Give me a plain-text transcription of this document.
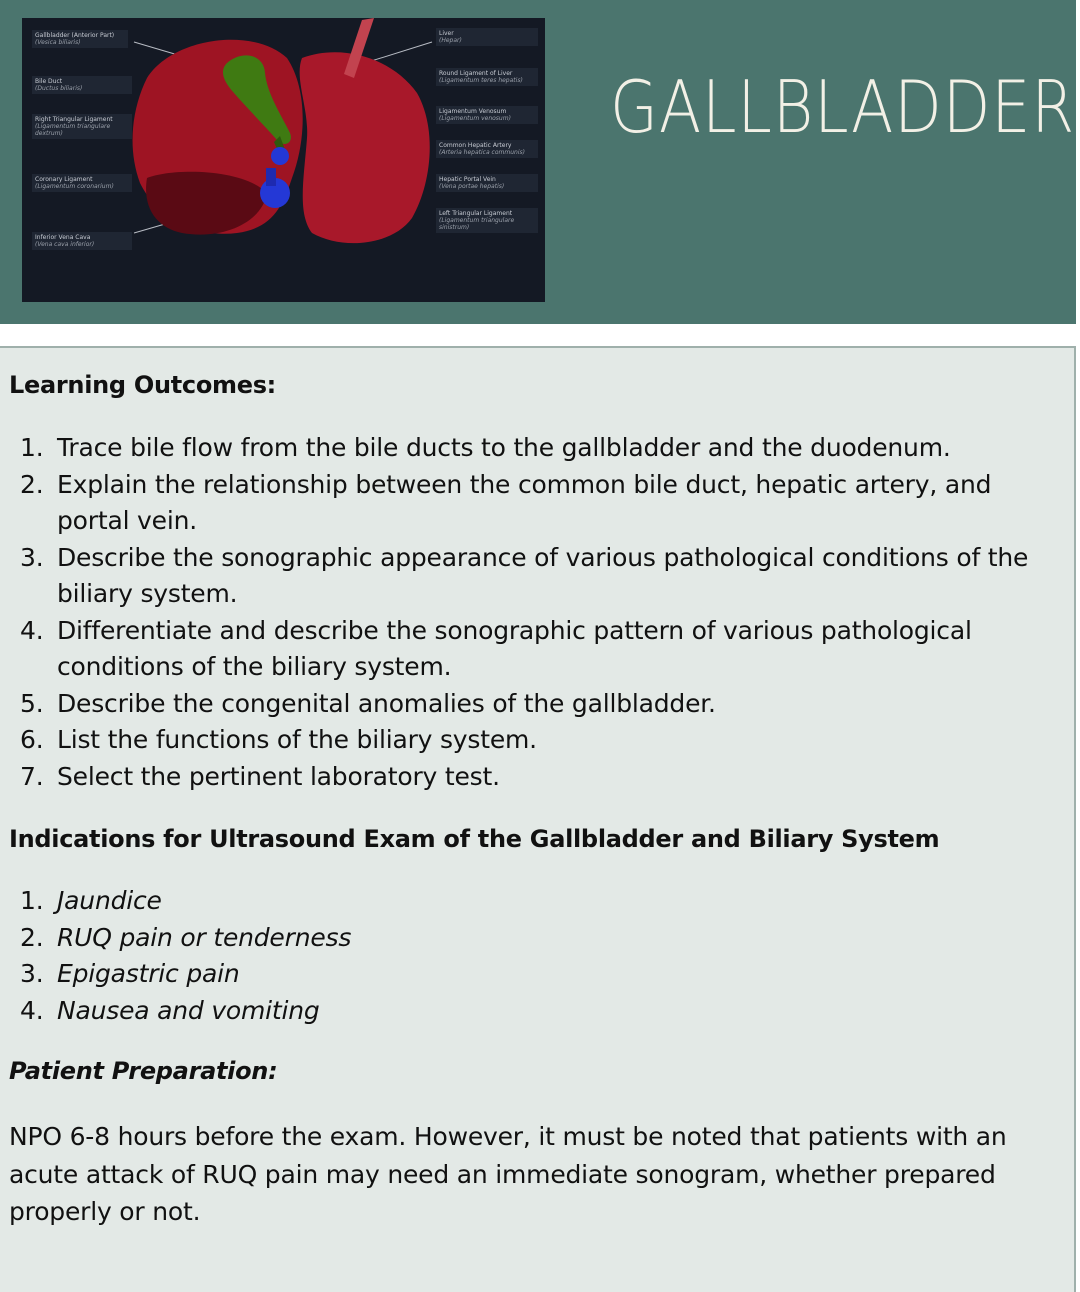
Gallbladder (Anterior Part)
(Vesica biliaris)
Bile Duct
(Ductus biliaris)
Right Triangular Ligament
(Ligamentum triangulare dextrum)
Coronary Ligament
(Ligamentum coronarium)
Inferior Vena Cava
(Vena cava inferior)
Liver
(Hepar)
Round Ligament of Liver
(Ligamentum teres hepatis)
Ligamentum Venosum
(Ligamentum venosum)
Common Hepatic Artery
(Arteria hepatica communis)
Hepatic Portal Vein
(Vena portae hepatis)
Left Triangular Ligament
(Ligamentum triangulare sinistrum)
GALLBLADDER
Learning Outcomes:
1. Trace bile flow from the bile ducts to the gallbladder and the duodenum.
2. Explain the relationship between the common bile duct, hepatic artery, and portal vein.
3. Describe the sonographic appearance of various pathological conditions of the biliary system.
4. Differentiate and describe the sonographic pattern of various pathological conditions of the biliary system.
5. Describe the congenital anomalies of the gallbladder.
6. List the functions of the biliary system.
7. Select the pertinent laboratory test.
Indications for Ultrasound Exam of the Gallbladder and Biliary System
1. Jaundice
2. RUQ pain or tenderness
3. Epigastric pain
4. Nausea and vomiting
Patient Preparation:

NPO 6-8 hours before the exam. However, it must be noted that patients with an acute attack of RUQ pain may need an immediate sonogram, whether prepared properly or not.
